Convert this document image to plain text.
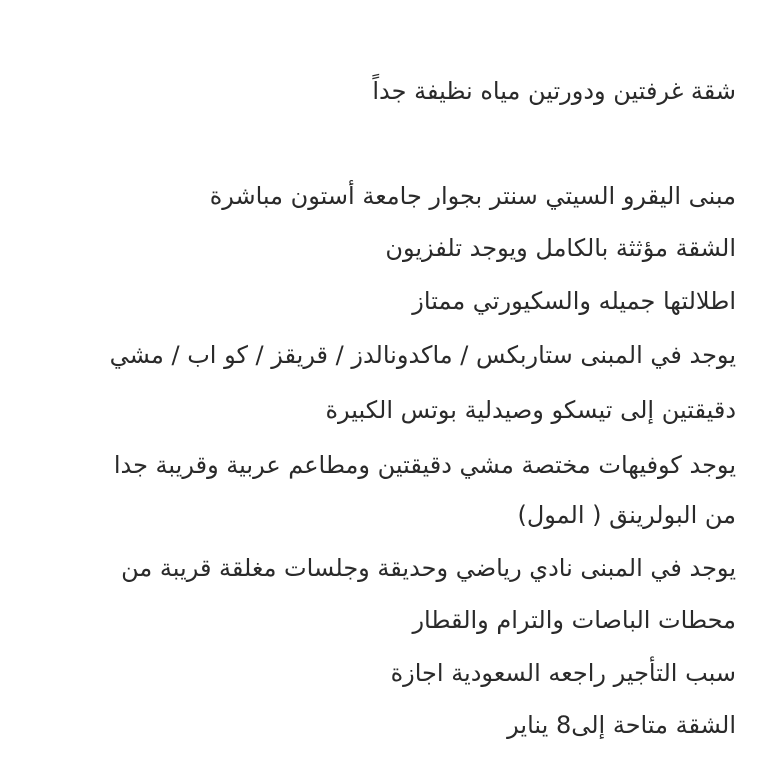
شقة غرفتين ودورتين مياه نظيفة جداً
مبنى اليقرو السيتي سنتر بجوار جامعة أستون مباشرة
الشقة مؤثثة بالكامل ويوجد تلفزيون
اطلالتها جميله والسكيورتي ممتاز
يوجد في المبنى ستاربكس / ماكدونالدز / قريقز / كو اب / مشي
دقيقتين إلى تيسكو وصيدلية بوتس الكبيرة
يوجد كوفيهات مختصة مشي دقيقتين ومطاعم عربية وقريبة جدا
من البولرينق ( المول)
يوجد في المبنى نادي رياضي وحديقة وجلسات مغلقة قريبة من
محطات الباصات والترام والقطار
سبب التأجير راجعه السعودية اجازة
الشقة متاحة إلى8 يناير
